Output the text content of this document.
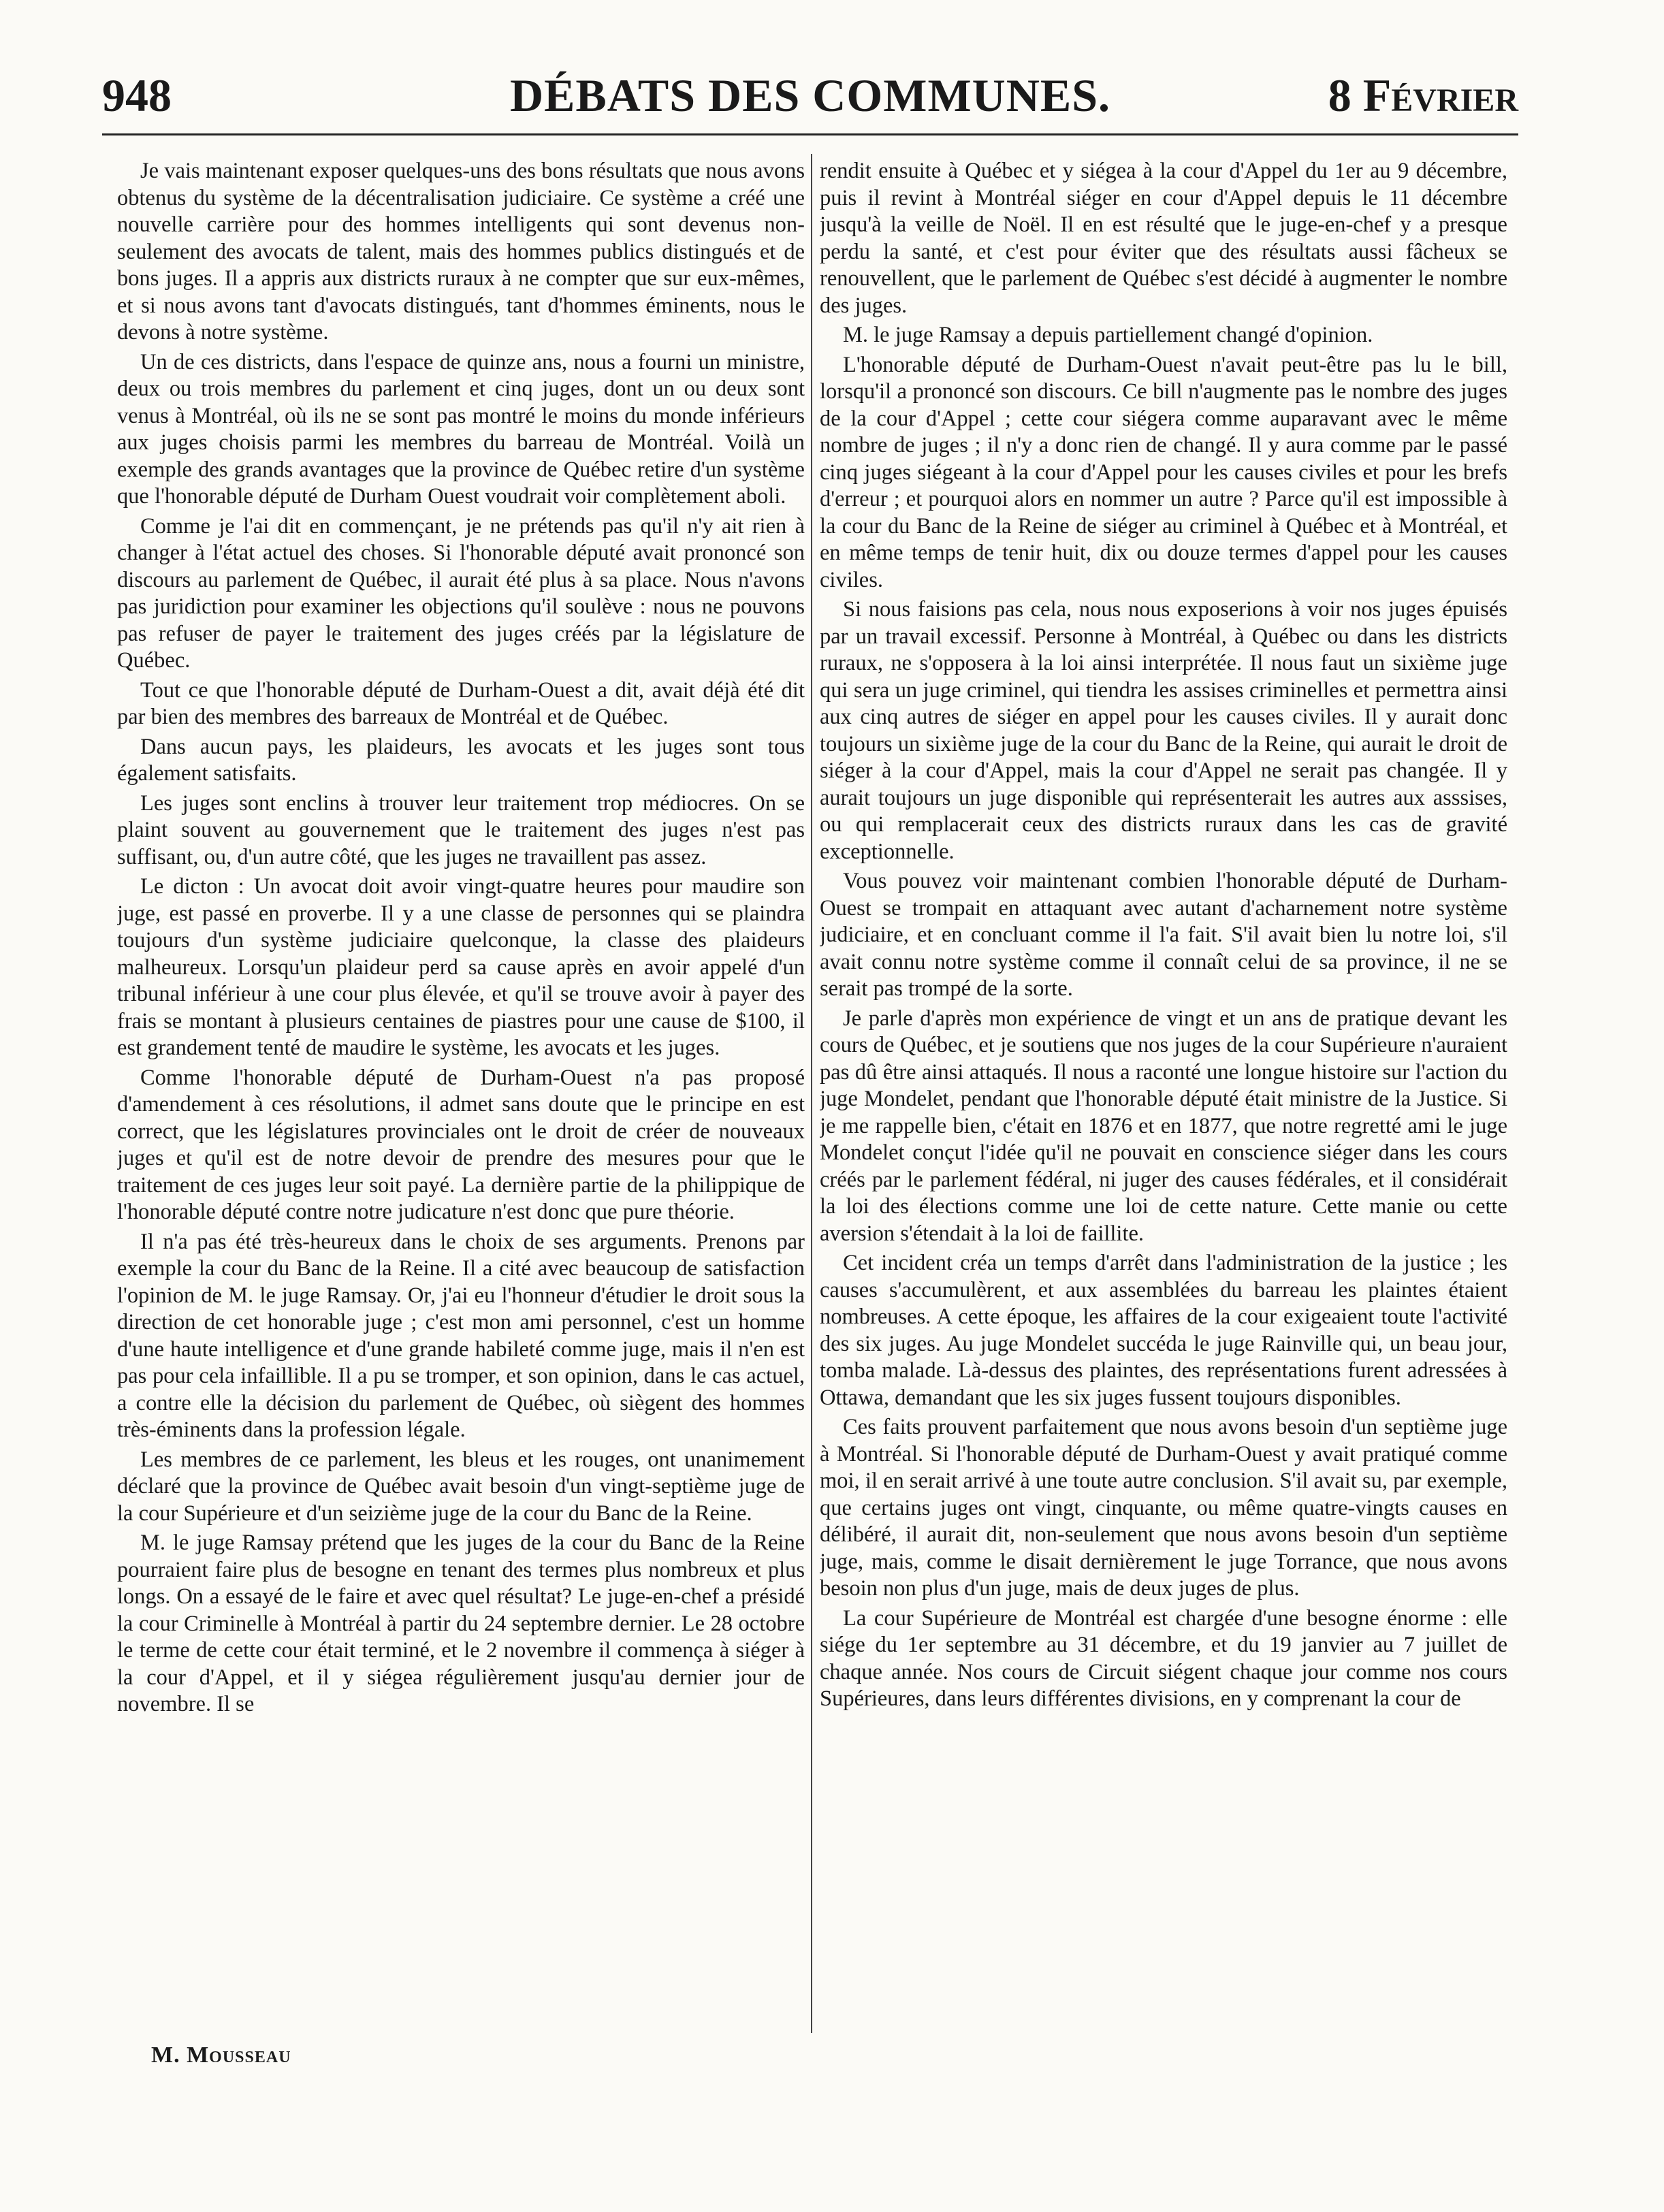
948	DÉBATS DES COMMUNES.	8 Février

Je vais maintenant exposer quelques-uns des bons résultats que nous avons obtenus du système de la décentralisation judiciaire. Ce système a créé une nouvelle carrière pour des hommes intelligents qui sont devenus non-seulement des avocats de talent, mais des hommes publics distingués et de bons juges. Il a appris aux districts ruraux à ne compter que sur eux-mêmes, et si nous avons tant d'avocats distingués, tant d'hommes éminents, nous le devons à notre système.

Un de ces districts, dans l'espace de quinze ans, nous a fourni un ministre, deux ou trois membres du parlement et cinq juges, dont un ou deux sont venus à Montréal, où ils ne se sont pas montré le moins du monde inférieurs aux juges choisis parmi les membres du barreau de Montréal. Voilà un exemple des grands avantages que la province de Québec retire d'un système que l'honorable député de Durham Ouest voudrait voir complètement aboli.

Comme je l'ai dit en commençant, je ne prétends pas qu'il n'y ait rien à changer à l'état actuel des choses. Si l'honorable député avait prononcé son discours au parlement de Québec, il aurait été plus à sa place. Nous n'avons pas juridiction pour examiner les objections qu'il soulève : nous ne pouvons pas refuser de payer le traitement des juges créés par la législature de Québec.

Tout ce que l'honorable député de Durham-Ouest a dit, avait déjà été dit par bien des membres des barreaux de Montréal et de Québec.

Dans aucun pays, les plaideurs, les avocats et les juges sont tous également satisfaits.

Les juges sont enclins à trouver leur traitement trop médiocres. On se plaint souvent au gouvernement que le traitement des juges n'est pas suffisant, ou, d'un autre côté, que les juges ne travaillent pas assez.

Le dicton : Un avocat doit avoir vingt-quatre heures pour maudire son juge, est passé en proverbe. Il y a une classe de personnes qui se plaindra toujours d'un système judiciaire quelconque, la classe des plaideurs malheureux. Lorsqu'un plaideur perd sa cause après en avoir appelé d'un tribunal inférieur à une cour plus élevée, et qu'il se trouve avoir à payer des frais se montant à plusieurs centaines de piastres pour une cause de $100, il est grandement tenté de maudire le système, les avocats et les juges.

Comme l'honorable député de Durham-Ouest n'a pas proposé d'amendement à ces résolutions, il admet sans doute que le principe en est correct, que les législatures provinciales ont le droit de créer de nouveaux juges et qu'il est de notre devoir de prendre des mesures pour que le traitement de ces juges leur soit payé. La dernière partie de la philippique de l'honorable député contre notre judicature n'est donc que pure théorie.

Il n'a pas été très-heureux dans le choix de ses arguments. Prenons par exemple la cour du Banc de la Reine. Il a cité avec beaucoup de satisfaction l'opinion de M. le juge Ramsay. Or, j'ai eu l'honneur d'étudier le droit sous la direction de cet honorable juge ; c'est mon ami personnel, c'est un homme d'une haute intelligence et d'une grande habileté comme juge, mais il n'en est pas pour cela infaillible. Il a pu se tromper, et son opinion, dans le cas actuel, a contre elle la décision du parlement de Québec, où siègent des hommes très-éminents dans la profession légale.

Les membres de ce parlement, les bleus et les rouges, ont unanimement déclaré que la province de Québec avait besoin d'un vingt-septième juge de la cour Supérieure et d'un seizième juge de la cour du Banc de la Reine.

M. le juge Ramsay prétend que les juges de la cour du Banc de la Reine pourraient faire plus de besogne en tenant des termes plus nombreux et plus longs. On a essayé de le faire et avec quel résultat? Le juge-en-chef a présidé la cour Criminelle à Montréal à partir du 24 septembre dernier. Le 28 octobre le terme de cette cour était terminé, et le 2 novembre il commença à siéger à la cour d'Appel, et il y siégea régulièrement jusqu'au dernier jour de novembre. Il se

rendit ensuite à Québec et y siégea à la cour d'Appel du 1er au 9 décembre, puis il revint à Montréal siéger en cour d'Appel depuis le 11 décembre jusqu'à la veille de Noël. Il en est résulté que le juge-en-chef y a presque perdu la santé, et c'est pour éviter que des résultats aussi fâcheux se renouvellent, que le parlement de Québec s'est décidé à augmenter le nombre des juges.

M. le juge Ramsay a depuis partiellement changé d'opinion.

L'honorable député de Durham-Ouest n'avait peut-être pas lu le bill, lorsqu'il a prononcé son discours. Ce bill n'augmente pas le nombre des juges de la cour d'Appel ; cette cour siégera comme auparavant avec le même nombre de juges ; il n'y a donc rien de changé. Il y aura comme par le passé cinq juges siégeant à la cour d'Appel pour les causes civiles et pour les brefs d'erreur ; et pourquoi alors en nommer un autre ? Parce qu'il est impossible à la cour du Banc de la Reine de siéger au criminel à Québec et à Montréal, et en même temps de tenir huit, dix ou douze termes d'appel pour les causes civiles.

Si nous faisions pas cela, nous nous exposerions à voir nos juges épuisés par un travail excessif. Personne à Montréal, à Québec ou dans les districts ruraux, ne s'opposera à la loi ainsi interprétée. Il nous faut un sixième juge qui sera un juge criminel, qui tiendra les assises criminelles et permettra ainsi aux cinq autres de siéger en appel pour les causes civiles. Il y aurait donc toujours un sixième juge de la cour du Banc de la Reine, qui aurait le droit de siéger à la cour d'Appel, mais la cour d'Appel ne serait pas changée. Il y aurait toujours un juge disponible qui représenterait les autres aux asssises, ou qui remplacerait ceux des districts ruraux dans les cas de gravité exceptionnelle.

Vous pouvez voir maintenant combien l'honorable député de Durham-Ouest se trompait en attaquant avec autant d'acharnement notre système judiciaire, et en concluant comme il l'a fait. S'il avait bien lu notre loi, s'il avait connu notre système comme il connaît celui de sa province, il ne se serait pas trompé de la sorte.

Je parle d'après mon expérience de vingt et un ans de pratique devant les cours de Québec, et je soutiens que nos juges de la cour Supérieure n'auraient pas dû être ainsi attaqués. Il nous a raconté une longue histoire sur l'action du juge Mondelet, pendant que l'honorable député était ministre de la Justice. Si je me rappelle bien, c'était en 1876 et en 1877, que notre regretté ami le juge Mondelet conçut l'idée qu'il ne pouvait en conscience siéger dans les cours créés par le parlement fédéral, ni juger des causes fédérales, et il considérait la loi des élections comme une loi de cette nature. Cette manie ou cette aversion s'étendait à la loi de faillite.

Cet incident créa un temps d'arrêt dans l'administration de la justice ; les causes s'accumulèrent, et aux assemblées du barreau les plaintes étaient nombreuses. A cette époque, les affaires de la cour exigeaient toute l'activité des six juges. Au juge Mondelet succéda le juge Rainville qui, un beau jour, tomba malade. Là-dessus des plaintes, des représentations furent adressées à Ottawa, demandant que les six juges fussent toujours disponibles.

Ces faits prouvent parfaitement que nous avons besoin d'un septième juge à Montréal. Si l'honorable député de Durham-Ouest y avait pratiqué comme moi, il en serait arrivé à une toute autre conclusion. S'il avait su, par exemple, que certains juges ont vingt, cinquante, ou même quatre-vingts causes en délibéré, il aurait dit, non-seulement que nous avons besoin d'un septième juge, mais, comme le disait dernièrement le juge Torrance, que nous avons besoin non plus d'un juge, mais de deux juges de plus.

La cour Supérieure de Montréal est chargée d'une besogne énorme : elle siége du 1er septembre au 31 décembre, et du 19 janvier au 7 juillet de chaque année. Nos cours de Circuit siégent chaque jour comme nos cours Supérieures, dans leurs différentes divisions, en y comprenant la cour de

M. Mousseau
